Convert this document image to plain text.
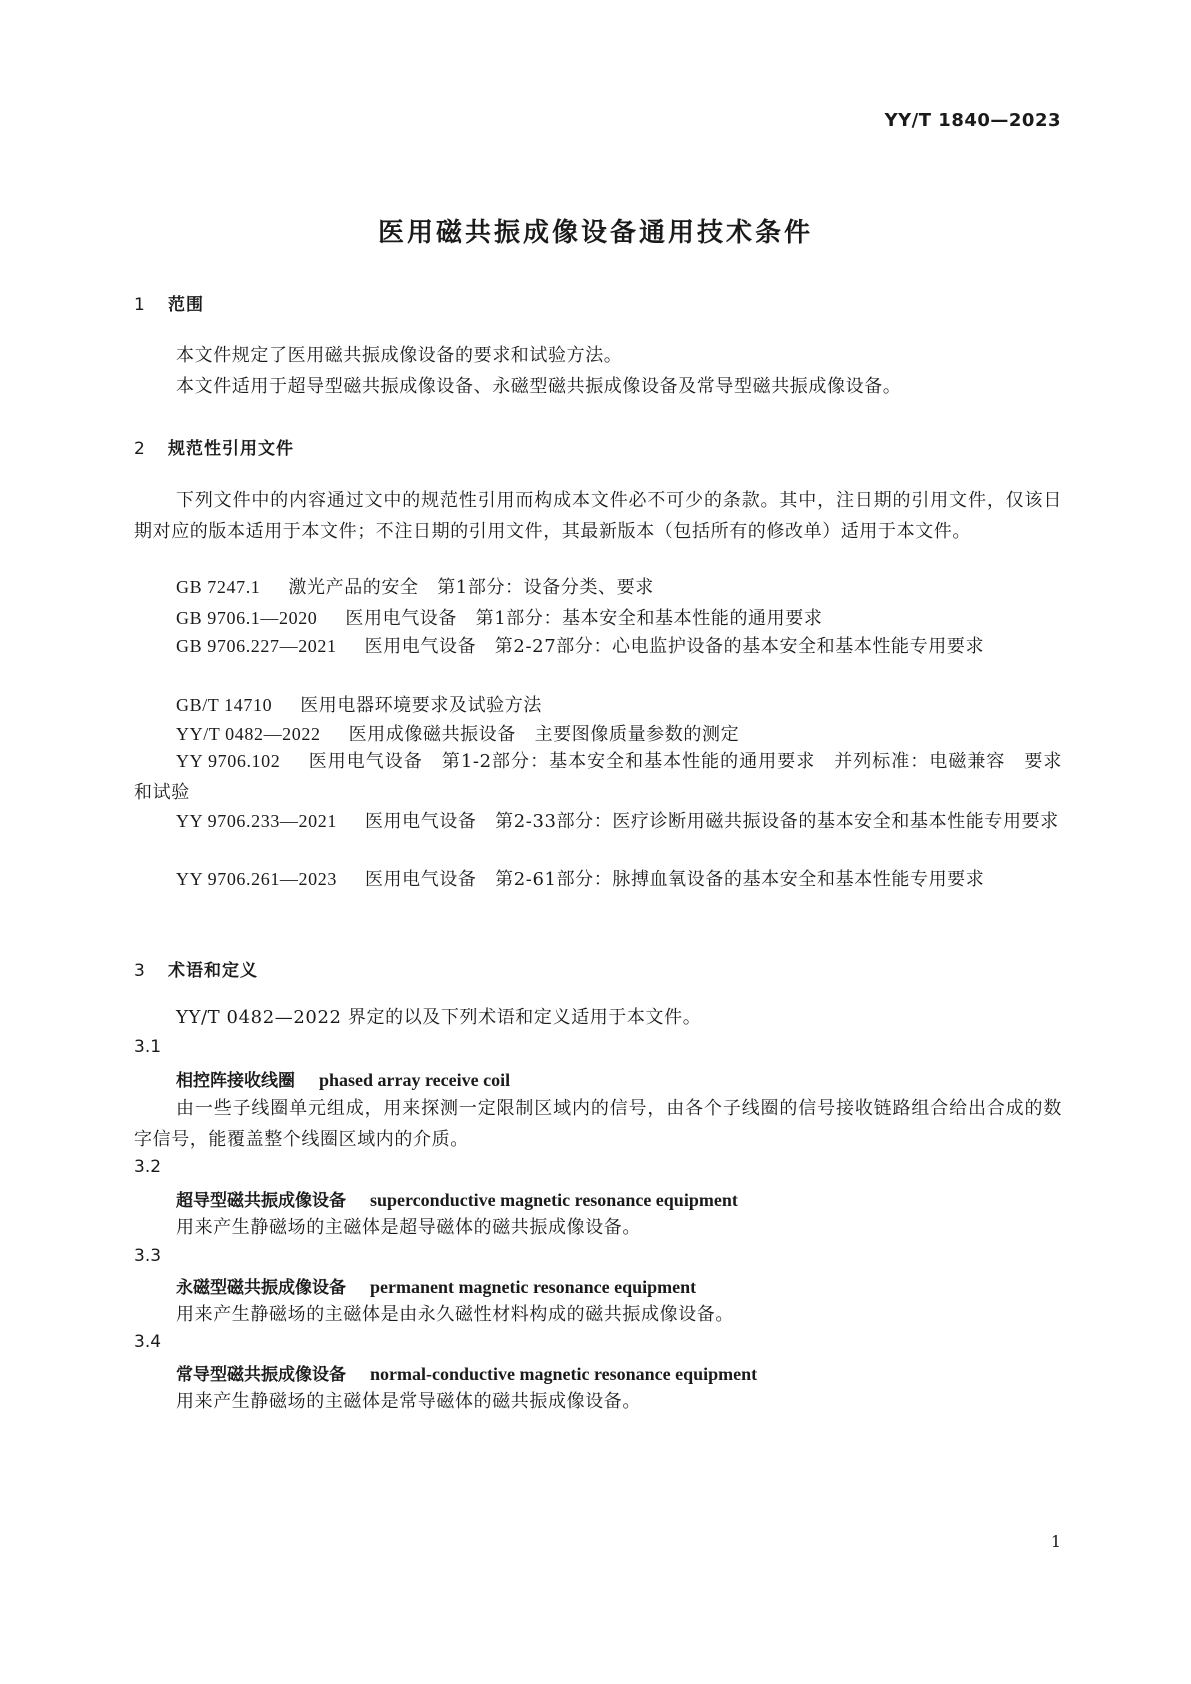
YY/T 1840—2023
医用磁共振成像设备通用技术条件
1 范围
本文件规定了医用磁共振成像设备的要求和试验方法。
本文件适用于超导型磁共振成像设备、永磁型磁共振成像设备及常导型磁共振成像设备。
2 规范性引用文件
下列文件中的内容通过文中的规范性引用而构成本文件必不可少的条款。其中，注日期的引用文件，仅该日期对应的版本适用于本文件；不注日期的引用文件，其最新版本（包括所有的修改单）适用于本文件。
GB 7247.1 激光产品的安全　第1部分：设备分类、要求
GB 9706.1—2020 医用电气设备　第1部分：基本安全和基本性能的通用要求
GB 9706.227—2021 医用电气设备　第2-27部分：心电监护设备的基本安全和基本性能专用要求
GB/T 14710 医用电器环境要求及试验方法
YY/T 0482—2022 医用成像磁共振设备　主要图像质量参数的测定
YY 9706.102 医用电气设备　第1-2部分：基本安全和基本性能的通用要求　并列标准：电磁兼容　要求和试验
YY 9706.233—2021 医用电气设备　第2-33部分：医疗诊断用磁共振设备的基本安全和基本性能专用要求
YY 9706.261—2023 医用电气设备　第2-61部分：脉搏血氧设备的基本安全和基本性能专用要求
3 术语和定义
YY/T 0482—2022 界定的以及下列术语和定义适用于本文件。
3.1
相控阵接收线圈 phased array receive coil
由一些子线圈单元组成，用来探测一定限制区域内的信号，由各个子线圈的信号接收链路组合给出合成的数字信号，能覆盖整个线圈区域内的介质。
3.2
超导型磁共振成像设备 superconductive magnetic resonance equipment
用来产生静磁场的主磁体是超导磁体的磁共振成像设备。
3.3
永磁型磁共振成像设备 permanent magnetic resonance equipment
用来产生静磁场的主磁体是由永久磁性材料构成的磁共振成像设备。
3.4
常导型磁共振成像设备 normal-conductive magnetic resonance equipment
用来产生静磁场的主磁体是常导磁体的磁共振成像设备。
1
